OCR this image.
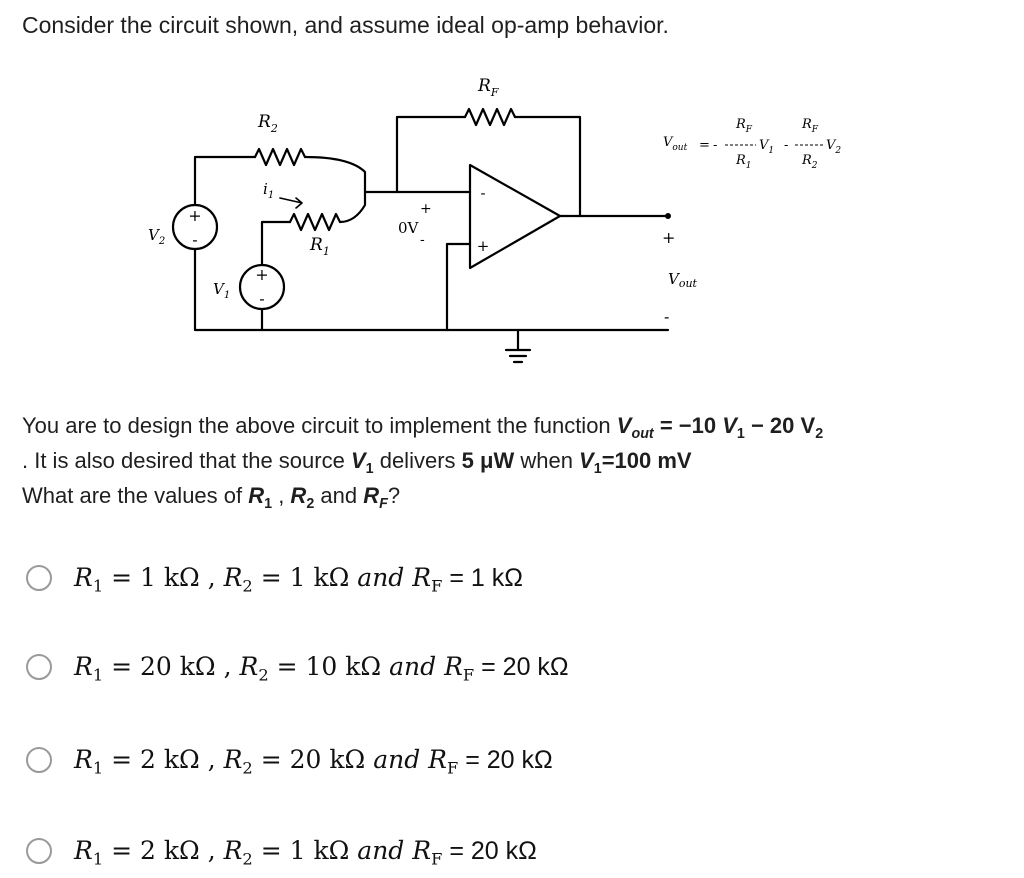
Consider the circuit shown, and assume ideal op-amp behavior.
+
-
+
-
-
+
$R_F$
$R_2$
$R_1$
$i_1$
$V_2$
$V_1$
0V
+
-	+
$V_{out}$
-
$V_{out}$ = -
$R_F$
$R_1$
$V_1$ -
$R_F$
$R_2$
$V_2$
You are to design the above circuit to implement the function $V_{out} = -10$ $V_1 - 20$ $V_2$
. It is also desired that the source $V_1$ delivers 5 μW when $V_1=100$ mV
What are the values of $R_1$ , $R_2$ and $R_F$?
$R_1 = 1$ kΩ , $R_2 = 1$ kΩ and $R_F = 1$ kΩ
$R_1 = 20$ kΩ , $R_2 = 10$ kΩ and $R_F = 20$ kΩ
$R_1 = 2$ kΩ , $R_2 = 20$ kΩ and $R_F = 20$ kΩ
$R_1 = 2$ kΩ , $R_2 = 1$ kΩ and $R_F = 20$ kΩ
